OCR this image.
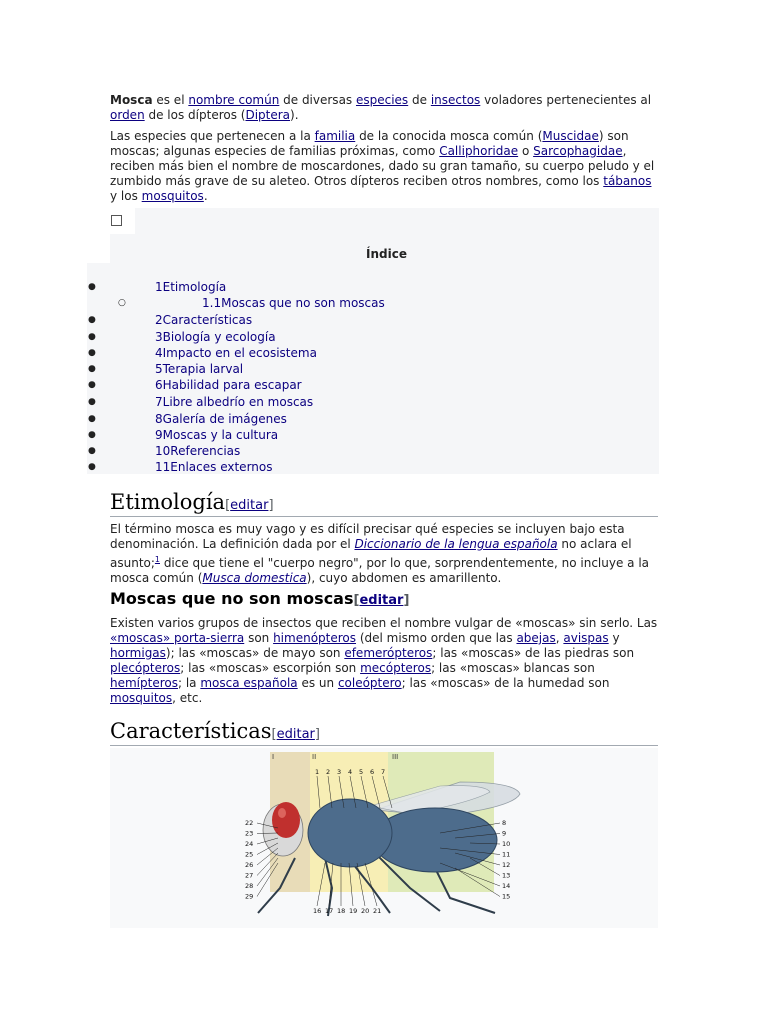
Mosca es el nombre común de diversas especies de insectos voladores pertenecientes al orden de los dípteros (Diptera).
Las especies que pertenecen a la familia de la conocida mosca común (Muscidae) son moscas; algunas especies de familias próximas, como Calliphoridae o Sarcophagidae, reciben más bien el nombre de moscardones, dado su gran tamaño, su cuerpo peludo y el zumbido más grave de su aleteo. Otros dípteros reciben otros nombres, como los tábanos y los mosquitos.
Índice
●	1Etimología
○	1.1Moscas que no son moscas
●	2Características
●	3Biología y ecología
●	4Impacto en el ecosistema
●	5Terapia larval
●	6Habilidad para escapar
●	7Libre albedrío en moscas
●	8Galería de imágenes
●	9Moscas y la cultura
●	10Referencias
●	11Enlaces externos
Etimología[editar]
El término mosca es muy vago y es difícil precisar qué especies se incluyen bajo esta denominación. La definición dada por el Diccionario de la lengua española no aclara el asunto;$^1$ dice que tiene el "cuerpo negro", por lo que, sorprendentemente, no incluye a la mosca común (Musca domestica), cuyo abdomen es amarillento.
Moscas que no son moscas[editar]
Existen varios grupos de insectos que reciben el nombre vulgar de «moscas» sin serlo. Las «moscas» porta-sierra son himenópteros (del mismo orden que las abejas, avispas y hormigas); las «moscas» de mayo son efemerópteros; las «moscas» de las piedras son plecópteros; las «moscas» escorpión son mecópteros; las «moscas» blancas son hemípteros; la mosca española es un coleóptero; las «moscas» de la humedad son mosquitos, etc.
Características[editar]
I	II	III
1 2 3 4 5 6 7
8
9
10
11
12
13
14
15
16 17 18 19 20 21
22
23
24
25
26
27
28
29
